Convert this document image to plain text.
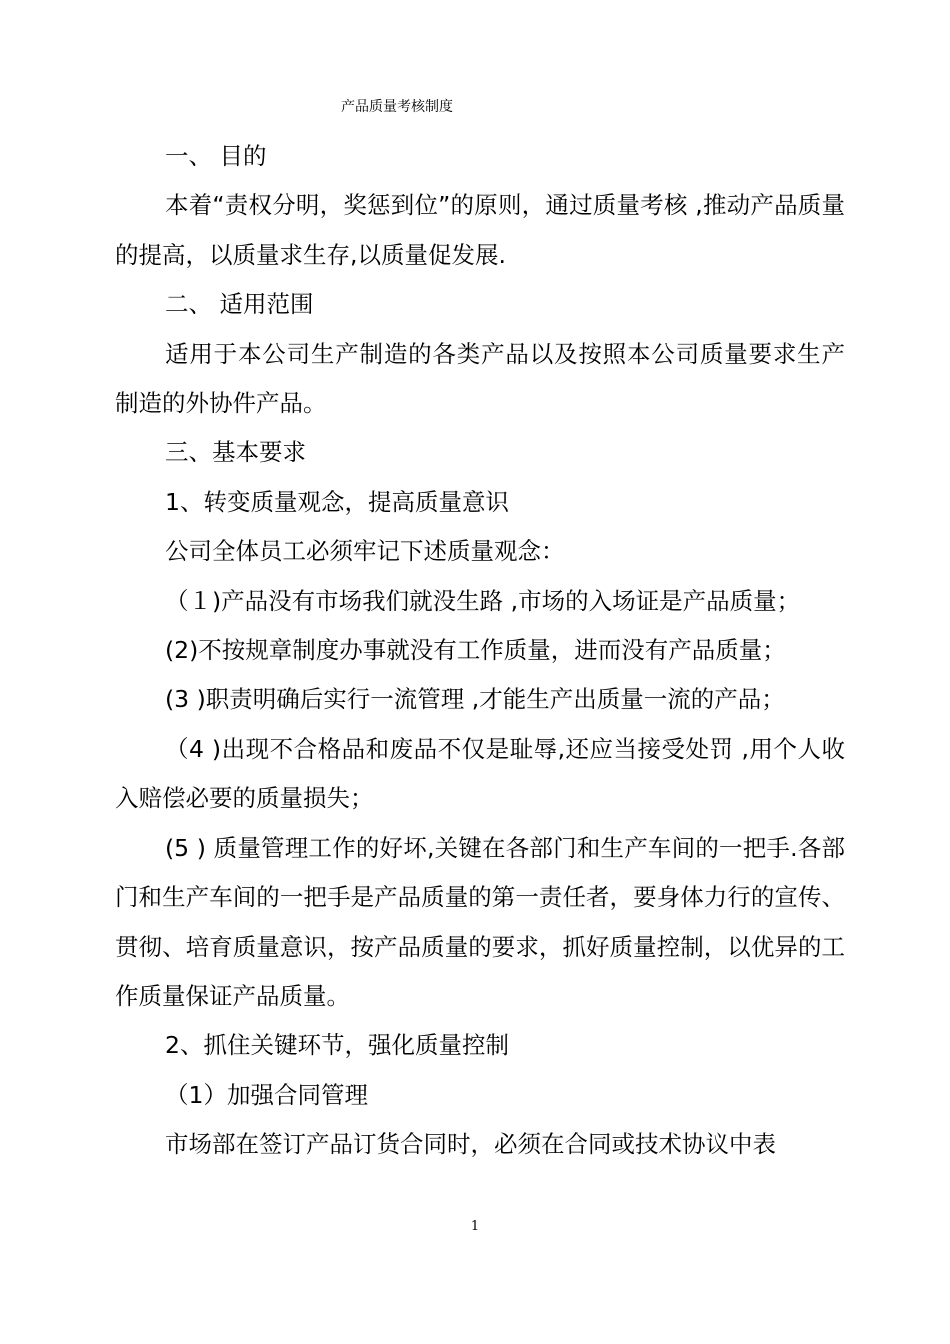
产品质量考核制度

一、 目的

本着“责权分明，奖惩到位”的原则，通过质量考核 ,推动产品质量的提高，以质量求生存,以质量促发展.

二、 适用范围

适用于本公司生产制造的各类产品以及按照本公司质量要求生产制造的外协件产品。

三、基本要求

1、转变质量观念，提高质量意识

公司全体员工必须牢记下述质量观念：

（１)产品没有市场我们就没生路 ,市场的入场证是产品质量；

(2)不按规章制度办事就没有工作质量，进而没有产品质量；

(3 )职责明确后实行一流管理 ,才能生产出质量一流的产品；

（4 )出现不合格品和废品不仅是耻辱,还应当接受处罚 ,用个人收入赔偿必要的质量损失；

(5 ) 质量管理工作的好坏,关键在各部门和生产车间的一把手.各部门和生产车间的一把手是产品质量的第一责任者，要身体力行的宣传、贯彻、培育质量意识，按产品质量的要求，抓好质量控制，以优异的工作质量保证产品质量。

2、抓住关键环节，强化质量控制

（1）加强合同管理

市场部在签订产品订货合同时，必须在合同或技术协议中表

1
